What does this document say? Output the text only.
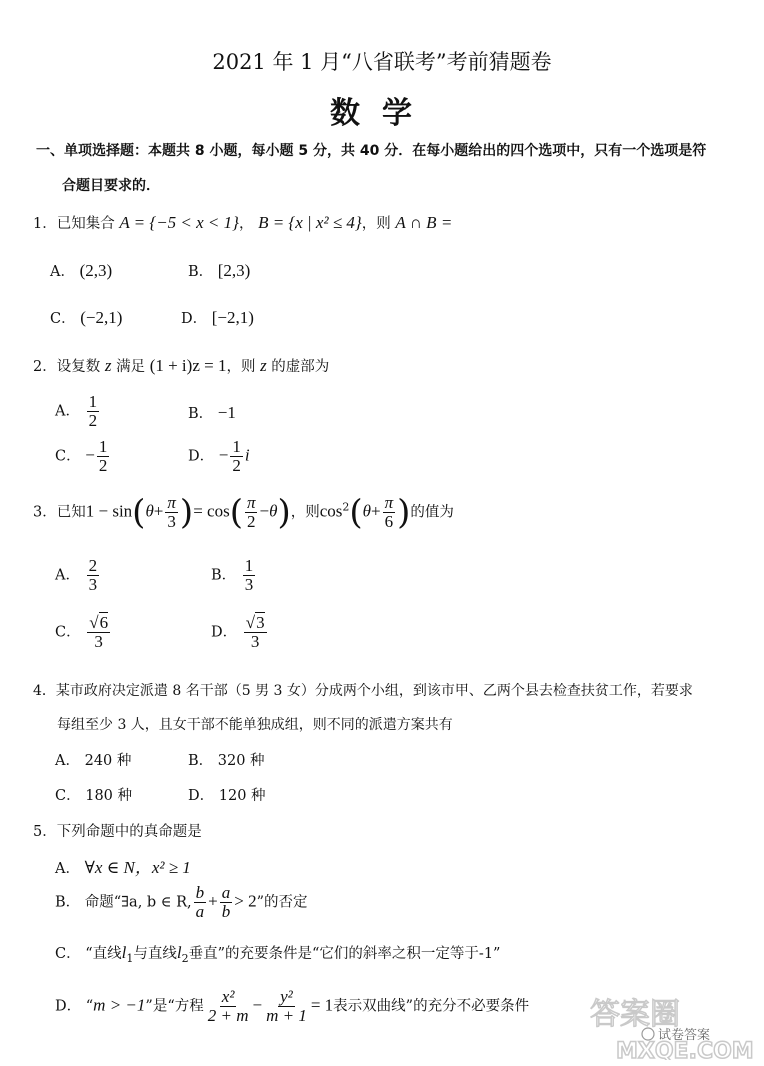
2021 年 1 月“八省联考”考前猜题卷
数学
一、单项选择题：本题共 8 小题，每小题 5 分，共 40 分．在每小题给出的四个选项中，只有一个选项是符
合题目要求的．
1．已知集合 A = {−5 < x < 1}， B = {x | x² ≤ 4}，则 A ∩ B =
A． (2,3)	B． [2,3)
C． (−2,1)	D． [−2,1)
2．设复数 z 满足 (1 + i)z = 1，则 z 的虚部为
A． $\frac{1}{2}$	B． −1
C． − $\frac{1}{2}$	D． − $\frac{1}{2}$ i
3．已知$1 - \sin(\theta+ \frac{\pi}{3}$ )= $\cos( \frac{\pi}{2} -\theta)$，则$\cos^2(\theta+ \frac{\pi}{6}$ )的值为
A． $\frac{2}{3}$	B． $\frac{1}{3}$
C． $\frac{√6}{3}$	D． $\frac{√3}{3}$
4．某市政府决定派遣 8 名干部（5 男 3 女）分成两个小组，到该市甲、乙两个县去检查扶贫工作，若要求
每组至少 3 人，且女干部不能单独成组，则不同的派遣方案共有
A． 240 种	B． 320 种
C． 180 种	D． 120 种
5．下列命题中的真命题是
A． ∀x ∈ N，x² ≥ 1
B． 命题“∃a, b ∈ R, $\frac{b}{a} + \frac{a}{b} > 2$”的否定
C． “直线$l_1$与直线$l_2$垂直”的充要条件是“它们的斜率之积一定等于-1”
D． “m > −1”是“方程 $\frac{\text{x²}}{2 + m} - \frac{\text{y²}}{m + 1} = 1$表示双曲线”的充分不必要条件 答案圈
MXQE.COM
试卷答案
